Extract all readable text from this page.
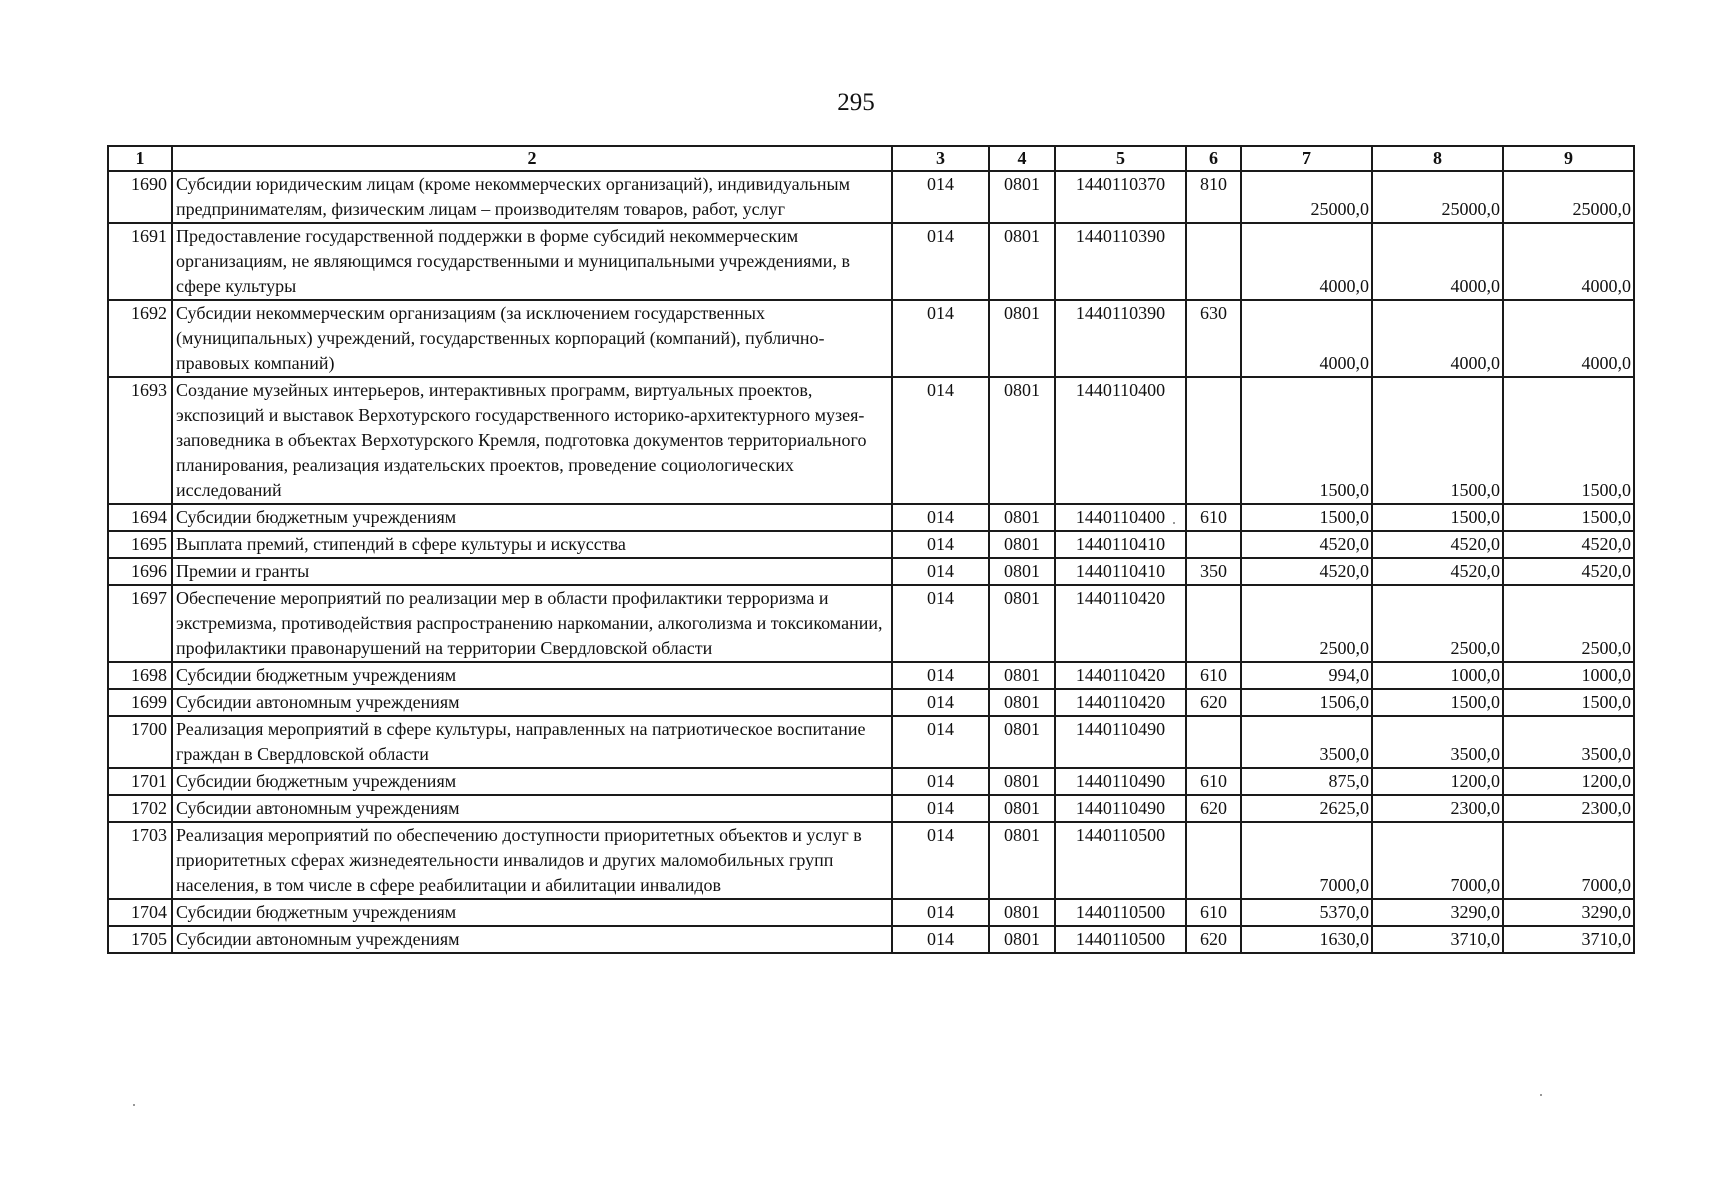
295
1	2	3	4	5	6	7	8	9
1690	Субсидии юридическим лицам (кроме некоммерческих организаций), индивидуальным предпринимателям, физическим лицам – производителям товаров, работ, услуг	014	0801	1440110370	810	25000,0	25000,0	25000,0
1691	Предоставление государственной поддержки в форме субсидий некоммерческим организациям, не являющимся государственными и муниципальными учреждениями, в сфере культуры	014	0801	1440110390		4000,0	4000,0	4000,0
1692	Субсидии некоммерческим организациям (за исключением государственных (муниципальных) учреждений, государственных корпораций (компаний), публично-правовых компаний)	014	0801	1440110390	630	4000,0	4000,0	4000,0
1693	Создание музейных интерьеров, интерактивных программ, виртуальных проектов, экспозиций и выставок Верхотурского государственного историко-архитектурного музея-заповедника в объектах Верхотурского Кремля, подготовка документов территориального планирования, реализация издательских проектов, проведение социологических исследований	014	0801	1440110400		1500,0	1500,0	1500,0
1694	Субсидии бюджетным учреждениям	014	0801	1440110400	610	1500,0	1500,0	1500,0
1695	Выплата премий, стипендий в сфере культуры и искусства	014	0801	1440110410		4520,0	4520,0	4520,0
1696	Премии и гранты	014	0801	1440110410	350	4520,0	4520,0	4520,0
1697	Обеспечение мероприятий по реализации мер в области профилактики терроризма и экстремизма, противодействия распространению наркомании, алкоголизма и токсикомании, профилактики правонарушений на территории Свердловской области	014	0801	1440110420		2500,0	2500,0	2500,0
1698	Субсидии бюджетным учреждениям	014	0801	1440110420	610	994,0	1000,0	1000,0
1699	Субсидии автономным учреждениям	014	0801	1440110420	620	1506,0	1500,0	1500,0
1700	Реализация мероприятий в сфере культуры, направленных на патриотическое воспитание граждан в Свердловской области	014	0801	1440110490		3500,0	3500,0	3500,0
1701	Субсидии бюджетным учреждениям	014	0801	1440110490	610	875,0	1200,0	1200,0
1702	Субсидии автономным учреждениям	014	0801	1440110490	620	2625,0	2300,0	2300,0
1703	Реализация мероприятий по обеспечению доступности приоритетных объектов и услуг в приоритетных сферах жизнедеятельности инвалидов и других маломобильных групп населения, в том числе в сфере реабилитации и абилитации инвалидов	014	0801	1440110500		7000,0	7000,0	7000,0
1704	Субсидии бюджетным учреждениям	014	0801	1440110500	610	5370,0	3290,0	3290,0
1705	Субсидии автономным учреждениям	014	0801	1440110500	620	1630,0	3710,0	3710,0
